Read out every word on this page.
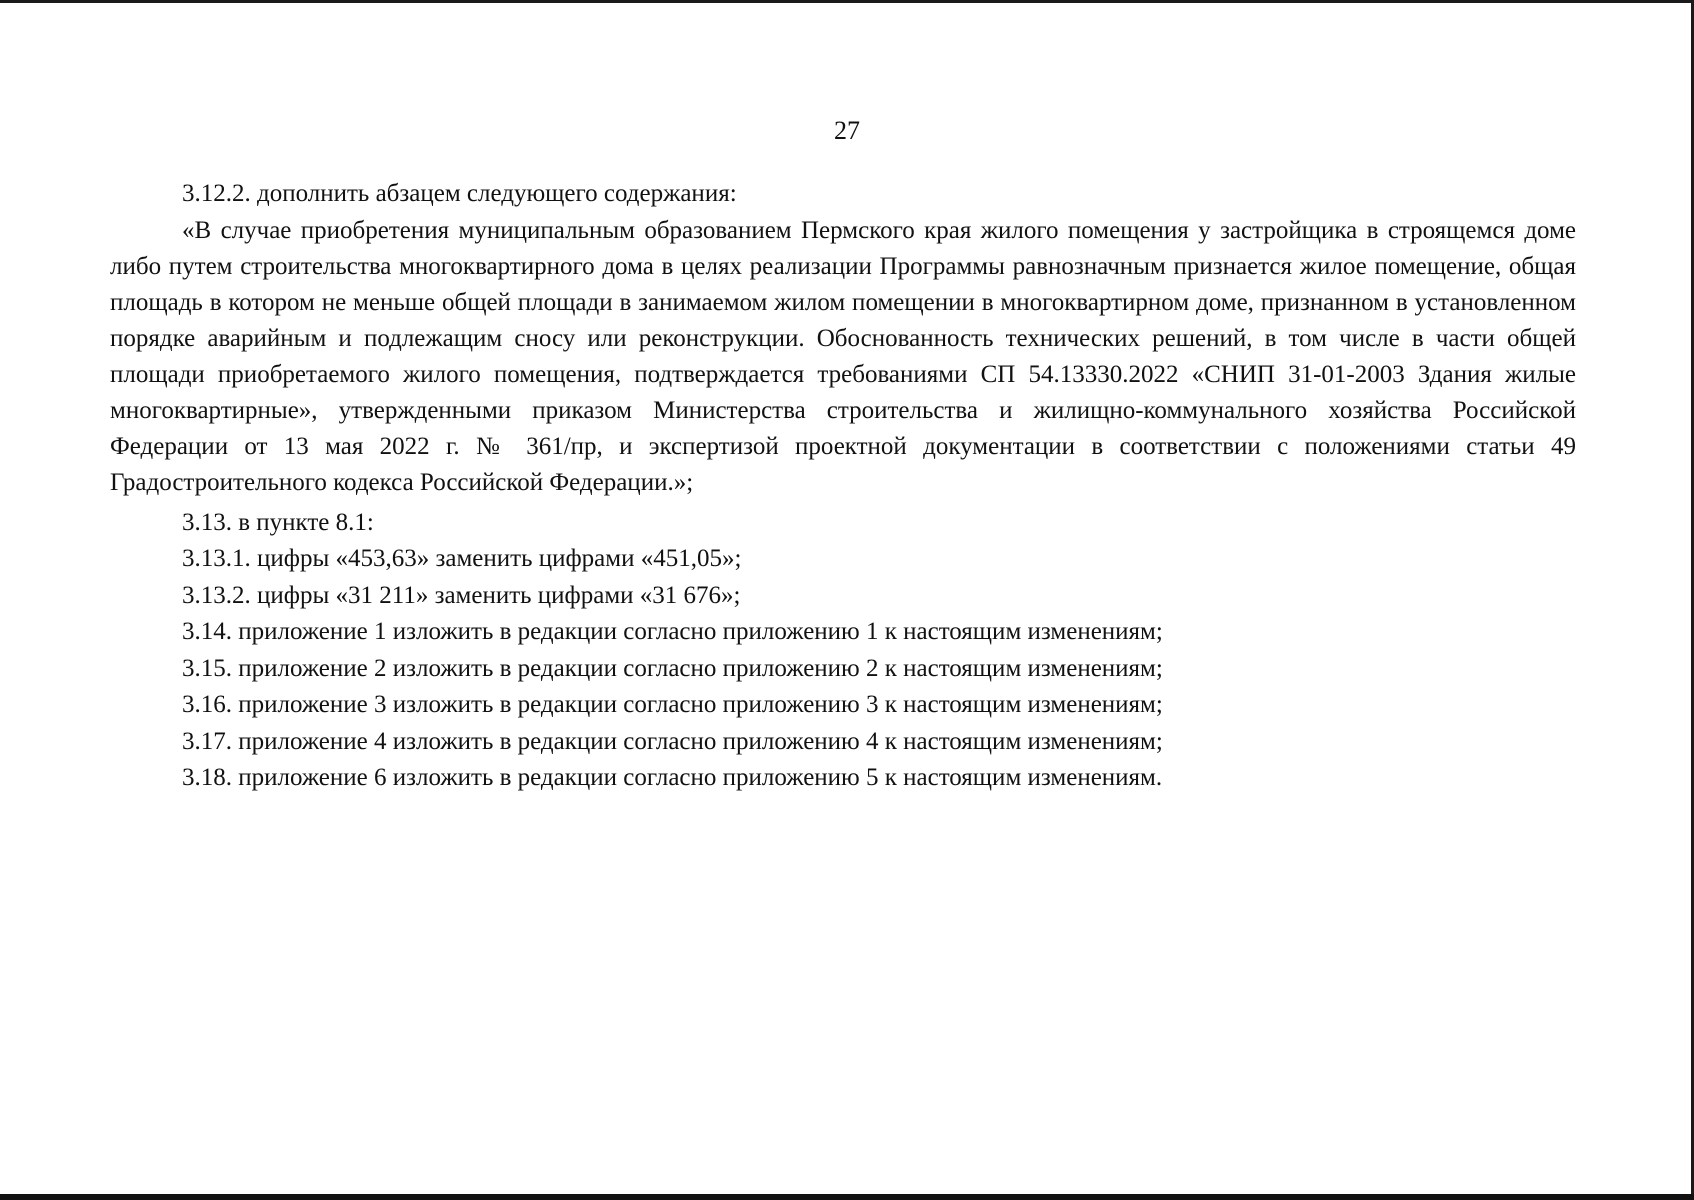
27

3.12.2. дополнить абзацем следующего содержания:

«В случае приобретения муниципальным образованием Пермского края жилого помещения у застройщика в строящемся доме либо путем строительства многоквартирного дома в целях реализации Программы равнозначным признается жилое помещение, общая площадь в котором не меньше общей площади в занимаемом жилом помещении в многоквартирном доме, признанном в установленном порядке аварийным и подлежащим сносу или реконструкции. Обоснованность технических решений, в том числе в части общей площади приобретаемого жилого помещения, подтверждается требованиями СП 54.13330.2022 «СНИП 31-01-2003 Здания жилые многоквартирные», утвержденными приказом Министерства строительства и жилищно-коммунального хозяйства Российской Федерации от 13 мая 2022 г. № 361/пр, и экспертизой проектной документации в соответствии с положениями статьи 49 Градостроительного кодекса Российской Федерации.»;

3.13. в пункте 8.1:

3.13.1. цифры «453,63» заменить цифрами «451,05»;

3.13.2. цифры «31 211» заменить цифрами «31 676»;

3.14. приложение 1 изложить в редакции согласно приложению 1 к настоящим изменениям;

3.15. приложение 2 изложить в редакции согласно приложению 2 к настоящим изменениям;

3.16. приложение 3 изложить в редакции согласно приложению 3 к настоящим изменениям;

3.17. приложение 4 изложить в редакции согласно приложению 4 к настоящим изменениям;

3.18. приложение 6 изложить в редакции согласно приложению 5 к настоящим изменениям.
